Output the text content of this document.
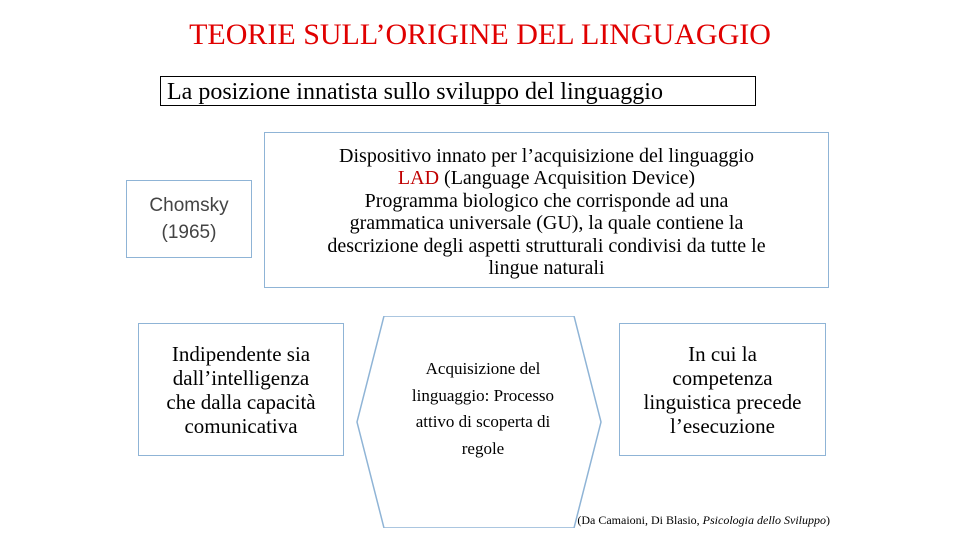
TEORIE SULL’ORIGINE DEL LINGUAGGIO
La posizione innatista sullo sviluppo del linguaggio
Chomsky
(1965)
Dispositivo innato per l’acquisizione del linguaggio
LAD (Language Acquisition Device)
Programma biologico che corrisponde ad una
grammatica universale (GU), la quale contiene la
descrizione degli aspetti strutturali condivisi da tutte le
lingue naturali
Indipendente sia
dall’intelligenza
che dalla capacità
comunicativa
Acquisizione del
linguaggio: Processo
attivo di scoperta di
regole
In cui la
competenza
linguistica precede
l’esecuzione
(Da Camaioni, Di Blasio, Psicologia dello Sviluppo)
